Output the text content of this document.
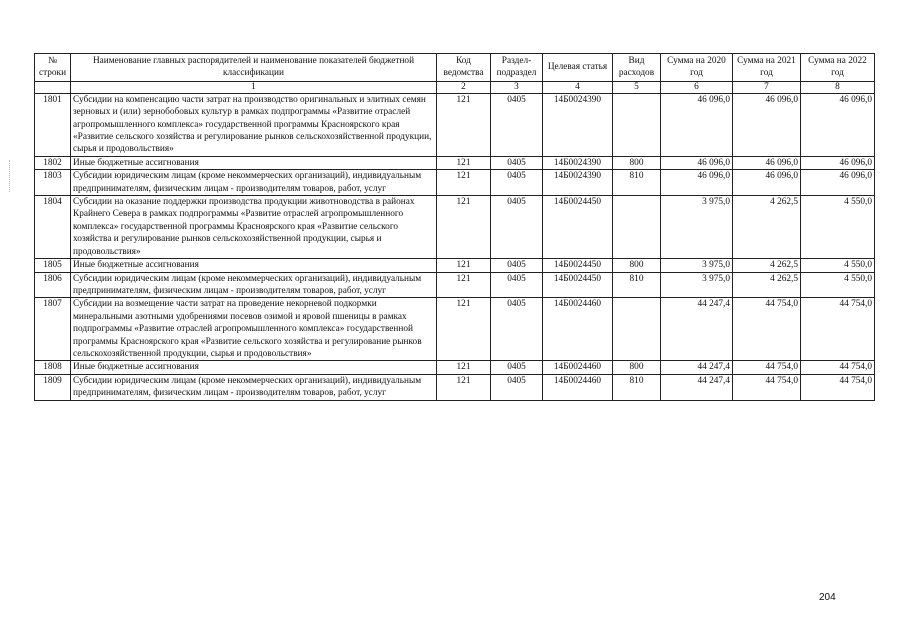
№ строки	Наименование главных распорядителей и наименование показателей бюджетной классификации	Код ведомства	Раздел-подраздел	Целевая статья	Вид расходов	Сумма на 2020 год	Сумма на 2021 год	Сумма на 2022 год
	1	2	3	4	5	6	7	8
1801	Субсидии на компенсацию части затрат на производство оригинальных и элитных семян зерновых и (или) зернобобовых культур в рамках подпрограммы «Развитие отраслей агропромышленного комплекса» государственной программы Красноярского края «Развитие сельского хозяйства и регулирование рынков сельскохозяйственной продукции, сырья и продовольствия»	121	0405	14Б0024390		46 096,0	46 096,0	46 096,0
1802	Иные бюджетные ассигнования	121	0405	14Б0024390	800	46 096,0	46 096,0	46 096,0
1803	Субсидии юридическим лицам (кроме некоммерческих организаций), индивидуальным предпринимателям, физическим лицам - производителям товаров, работ, услуг	121	0405	14Б0024390	810	46 096,0	46 096,0	46 096,0
1804	Субсидии на оказание поддержки производства продукции животноводства в районах Крайнего Севера в рамках подпрограммы «Развитие отраслей агропромышленного комплекса» государственной программы Красноярского края «Развитие сельского хозяйства и регулирование рынков сельскохозяйственной продукции, сырья и продовольствия»	121	0405	14Б0024450		3 975,0	4 262,5	4 550,0
1805	Иные бюджетные ассигнования	121	0405	14Б0024450	800	3 975,0	4 262,5	4 550,0
1806	Субсидии юридическим лицам (кроме некоммерческих организаций), индивидуальным предпринимателям, физическим лицам - производителям товаров, работ, услуг	121	0405	14Б0024450	810	3 975,0	4 262,5	4 550,0
1807	Субсидии на возмещение части затрат на проведение некорневой подкормки минеральными азотными удобрениями посевов озимой и яровой пшеницы в рамках подпрограммы «Развитие отраслей агропромышленного комплекса» государственной программы Красноярского края «Развитие сельского хозяйства и регулирование рынков сельскохозяйственной продукции, сырья и продовольствия»	121	0405	14Б0024460		44 247,4	44 754,0	44 754,0
1808	Иные бюджетные ассигнования	121	0405	14Б0024460	800	44 247,4	44 754,0	44 754,0
1809	Субсидии юридическим лицам (кроме некоммерческих организаций), индивидуальным предпринимателям, физическим лицам - производителям товаров, работ, услуг	121	0405	14Б0024460	810	44 247,4	44 754,0	44 754,0
204
